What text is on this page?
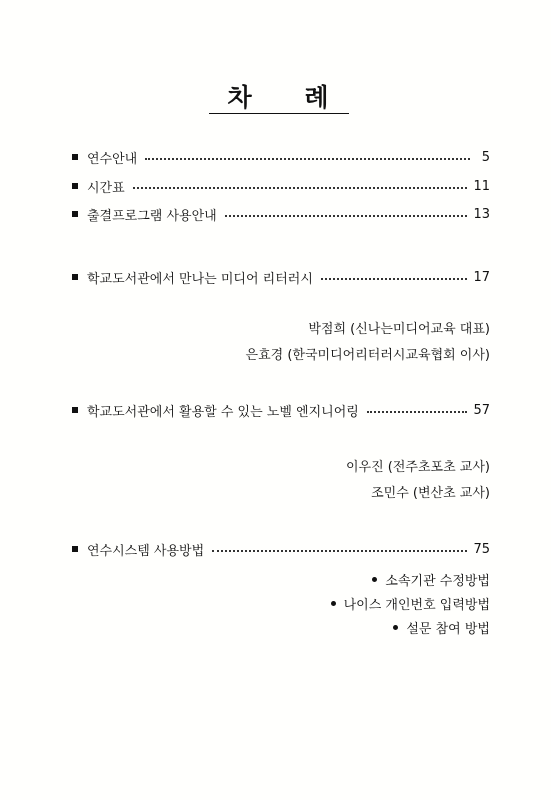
차 례
연수안내	5
시간표	11
출결프로그램 사용안내	13
학교도서관에서 만나는 미디어 리터러시	17
박점희 (신나는미디어교육 대표)
은효경 (한국미디어리터러시교육협회 이사)
학교도서관에서 활용할 수 있는 노벨 엔지니어링	57
이우진 (전주초포초 교사)
조민수 (변산초 교사)
연수시스템 사용방법	75
소속기관 수정방법
나이스 개인번호 입력방법
설문 참여 방법
